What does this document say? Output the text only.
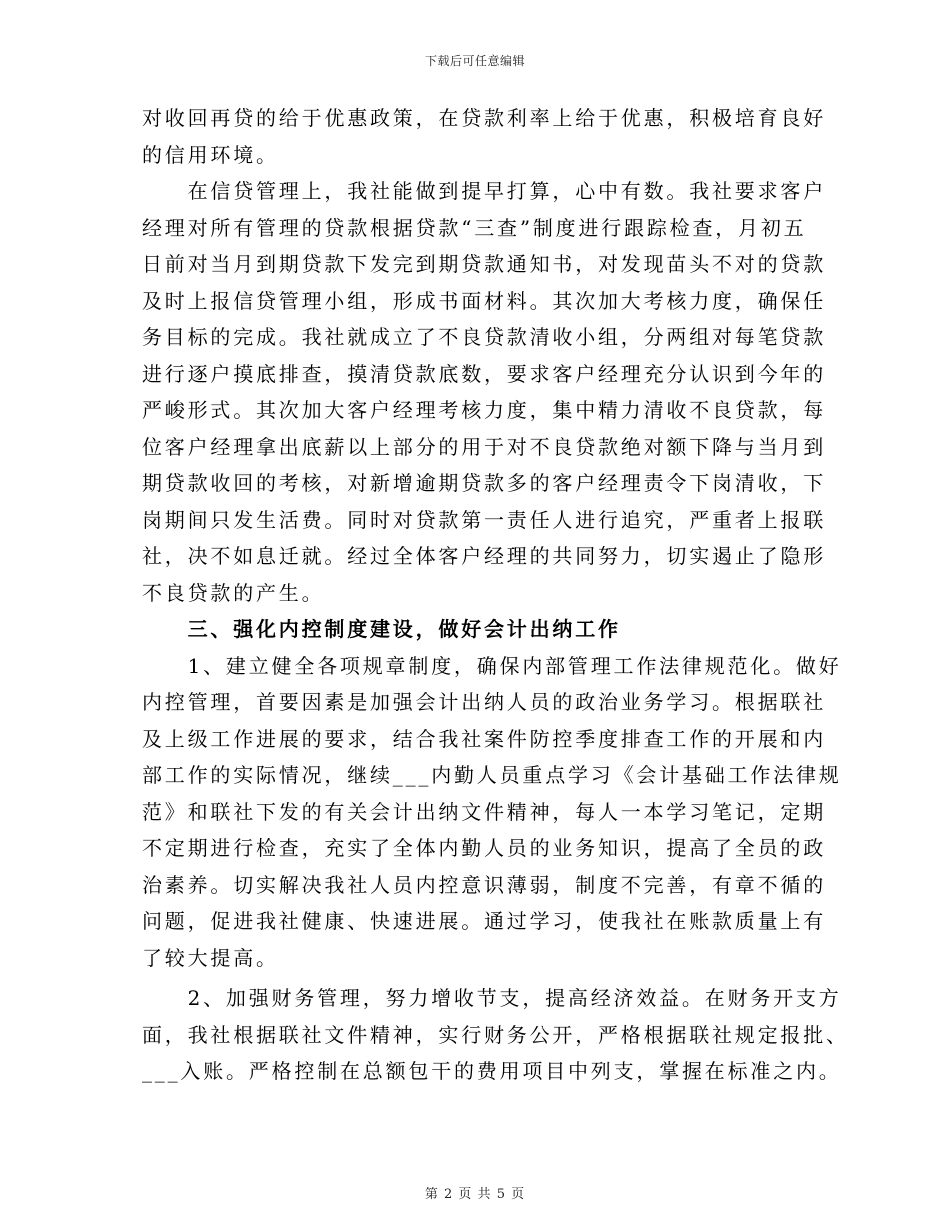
下载后可任意编辑
对收回再贷的给于优惠政策，在贷款利率上给于优惠，积极培育良好
的信用环境。
　　在信贷管理上，我社能做到提早打算，心中有数。我社要求客户
经理对所有管理的贷款根据贷款“三查”制度进行跟踪检查，月初五
日前对当月到期贷款下发完到期贷款通知书，对发现苗头不对的贷款
及时上报信贷管理小组，形成书面材料。其次加大考核力度，确保任
务目标的完成。我社就成立了不良贷款清收小组，分两组对每笔贷款
进行逐户摸底排查，摸清贷款底数，要求客户经理充分认识到今年的
严峻形式。其次加大客户经理考核力度，集中精力清收不良贷款，每
位客户经理拿出底薪以上部分的用于对不良贷款绝对额下降与当月到
期贷款收回的考核，对新增逾期贷款多的客户经理责令下岗清收，下
岗期间只发生活费。同时对贷款第一责任人进行追究，严重者上报联
社，决不如息迁就。经过全体客户经理的共同努力，切实遏止了隐形
不良贷款的产生。
　　三、强化内控制度建设，做好会计出纳工作
　　1、建立健全各项规章制度，确保内部管理工作法律规范化。做好
内控管理，首要因素是加强会计出纳人员的政治业务学习。根据联社
及上级工作进展的要求，结合我社案件防控季度排查工作的开展和内
部工作的实际情况，继续___内勤人员重点学习《会计基础工作法律规
范》和联社下发的有关会计出纳文件精神，每人一本学习笔记，定期
不定期进行检查，充实了全体内勤人员的业务知识，提高了全员的政
治素养。切实解决我社人员内控意识薄弱，制度不完善，有章不循的
问题，促进我社健康、快速进展。通过学习，使我社在账款质量上有
了较大提高。
　　2、加强财务管理，努力增收节支，提高经济效益。在财务开支方
面，我社根据联社文件精神，实行财务公开，严格根据联社规定报批、
___入账。严格控制在总额包干的费用项目中列支，掌握在标准之内。
第 2 页 共 5 页
